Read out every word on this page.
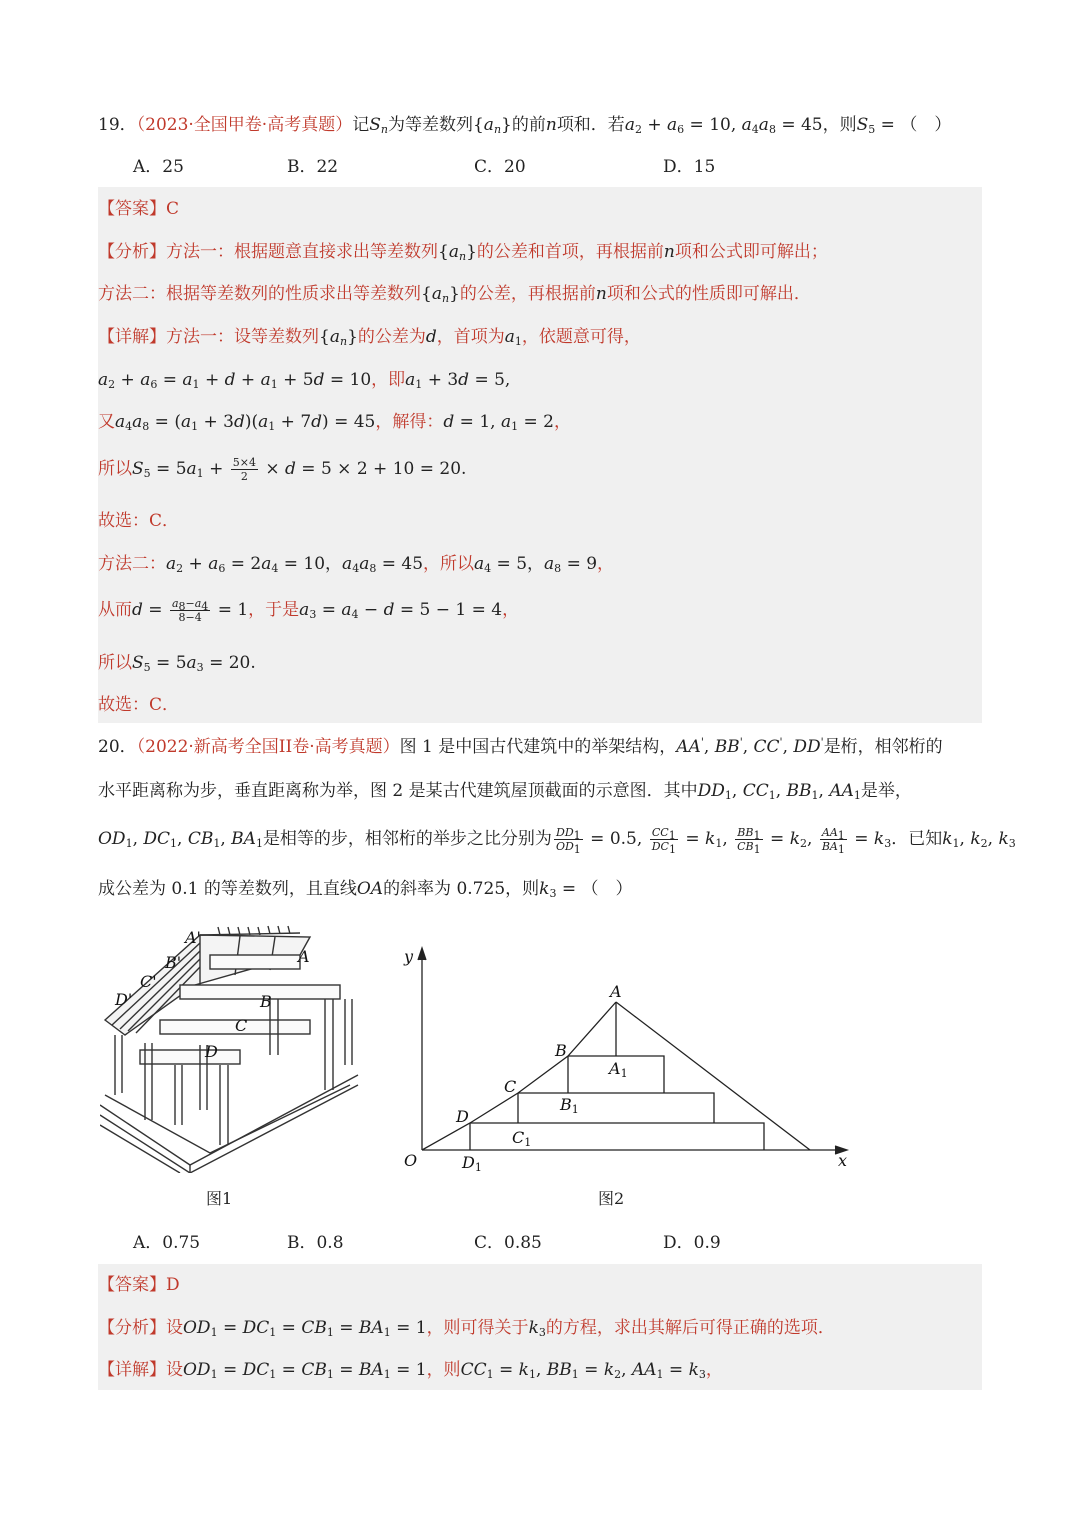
19．（2023·全国甲卷·高考真题）记$S_n$为等差数列$\{a_n\}$的前n项和．若$a_2 + a_6 = 10$, $a_4a_8 = 45$，则$S_5$ = （　）
A．25	B．22	C．20	D．15
【答案】C
【分析】方法一：根据题意直接求出等差数列$\{a_n\}$的公差和首项，再根据前n项和公式即可解出；
方法二：根据等差数列的性质求出等差数列$\{a_n\}$的公差，再根据前n项和公式的性质即可解出．
【详解】方法一：设等差数列$\{a_n\}$的公差为d，首项为$a_1$，依题意可得，
$a_2 + a_6 = a_1 + d + a_1 + 5d = 10$，即$a_1 + 3d = 5$,
又$a_4a_8 = (a_1 + 3d)(a_1 + 7d) = 45$，解得：d = 1, $a_1 = 2$，
所以$S_5 = 5a_1 + \frac{5\times 4}{2} \times d = 5 \times 2 + 10 = 20$.
故选：C．
方法二：$a_2 + a_6 = 2a_4 = 10$，$a_4a_8 = 45$，所以$a_4 = 5$，$a_8 = 9$，
从而$d = \frac{a_8-a_4}{8-4} = 1$，于是$a_3 = a_4 - d = 5 - 1 = 4$，
所以$S_5 = 5a_3 = 20$.
故选：C．
20．（2022·新高考全国II卷·高考真题）图 1 是中国古代建筑中的举架结构，AA', BB', CC', DD'是桁，相邻桁的
水平距离称为步，垂直距离称为举，图 2 是某古代建筑屋顶截面的示意图．其中$DD_1$, $CC_1$, $BB_1$, $AA_1$是举，
$OD_1$, $DC_1$, $CB_1$, $BA_1$是相等的步，相邻桁的举步之比分别为 $\frac{DD_1}{OD_1} = 0.5$, $\frac{CC_1}{DC_1} = k_1$, $\frac{BB_1}{CB_1} = k_2$, $\frac{AA_1}{BA_1} = k_3$．已知$k_1$, $k_2$, $k_3$
成公差为 0.1 的等差数列，且直线OA的斜率为 0.725，则$k_3$ = （　）
A'
B'
C'
D'
A
B
C
D
图1
A
B
C
D
O	x
y
A1
B1
C1
D1
图2
A．0.75	B．0.8	C．0.85	D．0.9
【答案】D
【分析】设$OD_1 = DC_1 = CB_1 = BA_1 = 1$，则可得关于$k_3$的方程，求出其解后可得正确的选项．
【详解】设$OD_1 = DC_1 = CB_1 = BA_1 = 1$，则$CC_1 = k_1$, $BB_1 = k_2$, $AA_1 = k_3$，
